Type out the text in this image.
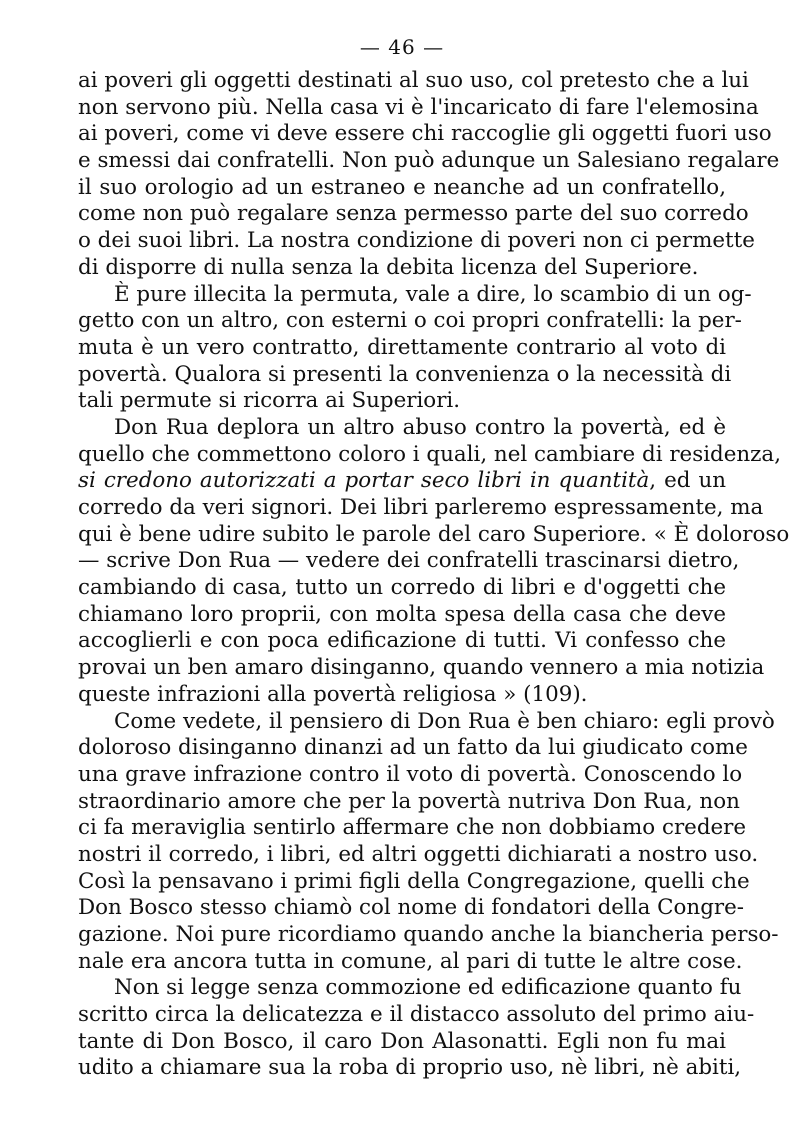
— 46 —
ai poveri gli oggetti destinati al suo uso, col pretesto che a lui
non servono più. Nella casa vi è l'incaricato di fare l'elemosina
ai poveri, come vi deve essere chi raccoglie gli oggetti fuori uso
e smessi dai confratelli. Non può adunque un Salesiano regalare
il suo orologio ad un estraneo e neanche ad un confratello,
come non può regalare senza permesso parte del suo corredo
o dei suoi libri. La nostra condizione di poveri non ci permette
di disporre di nulla senza la debita licenza del Superiore.
È pure illecita la permuta, vale a dire, lo scambio di un og-
getto con un altro, con esterni o coi propri confratelli: la per-
muta è un vero contratto, direttamente contrario al voto di
povertà. Qualora si presenti la convenienza o la necessità di
tali permute si ricorra ai Superiori.
Don Rua deplora un altro abuso contro la povertà, ed è
quello che commettono coloro i quali, nel cambiare di residenza,
si credono autorizzati a portar seco libri in quantità, ed un
corredo da veri signori. Dei libri parleremo espressamente, ma
qui è bene udire subito le parole del caro Superiore. « È doloroso
— scrive Don Rua — vedere dei confratelli trascinarsi dietro,
cambiando di casa, tutto un corredo di libri e d'oggetti che
chiamano loro proprii, con molta spesa della casa che deve
accoglierli e con poca edificazione di tutti. Vi confesso che
provai un ben amaro disinganno, quando vennero a mia notizia
queste infrazioni alla povertà religiosa » (109).
Come vedete, il pensiero di Don Rua è ben chiaro: egli provò
doloroso disinganno dinanzi ad un fatto da lui giudicato come
una grave infrazione contro il voto di povertà. Conoscendo lo
straordinario amore che per la povertà nutriva Don Rua, non
ci fa meraviglia sentirlo affermare che non dobbiamo credere
nostri il corredo, i libri, ed altri oggetti dichiarati a nostro uso.
Così la pensavano i primi figli della Congregazione, quelli che
Don Bosco stesso chiamò col nome di fondatori della Congre-
gazione. Noi pure ricordiamo quando anche la biancheria perso-
nale era ancora tutta in comune, al pari di tutte le altre cose.
Non si legge senza commozione ed edificazione quanto fu
scritto circa la delicatezza e il distacco assoluto del primo aiu-
tante di Don Bosco, il caro Don Alasonatti. Egli non fu mai
udito a chiamare sua la roba di proprio uso, nè libri, nè abiti,
